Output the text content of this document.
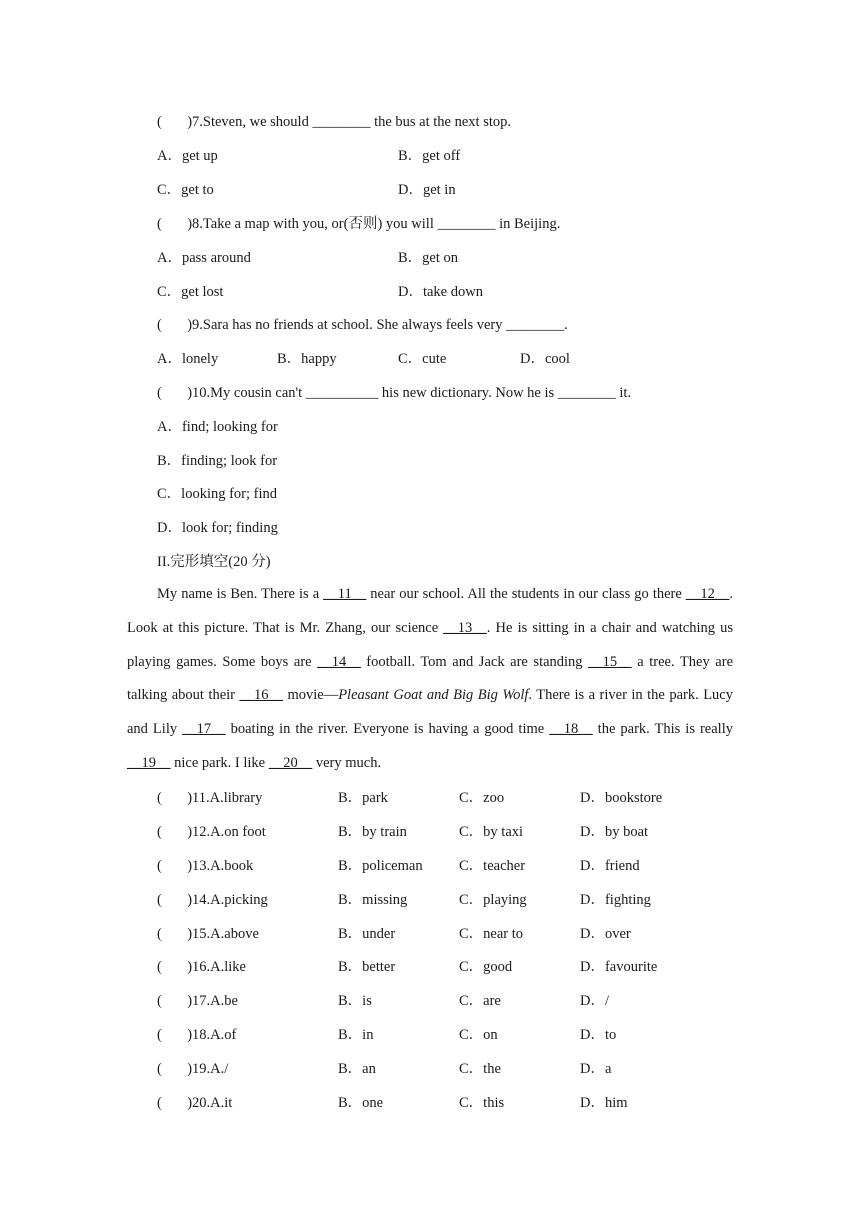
(       )7.Steven, we should ________ the bus at the next stop.
A．get up	B．get off
C．get to	D．get in
(       )8.Take a map with you, or(否则) you will ________ in Beijing.
A．pass around	B．get on
C．get lost	D．take down
(       )9.Sara has no friends at school. She always feels very ________.
A．lonely	B．happy	C．cute	D．cool
(       )10.My cousin can't __________ his new dictionary. Now he is ________ it.
A．find; looking for
B．finding; look for
C．looking for; find
D．look for; finding
II.完形填空(20 分)
My name is Ben. There is a __11__ near our school. All the students in our class go there __12__. Look at this picture. That is Mr. Zhang, our science __13__. He is sitting in a chair and watching us playing games. Some boys are __14__ football. Tom and Jack are standing __15__ a tree. They are talking about their __16__ movie—Pleasant Goat and Big Big Wolf. There is a river in the park. Lucy and Lily __17__ boating in the river. Everyone is having a good time __18__ the park. This is really __19__ nice park. I like __20__ very much.
(       )11.A.library	B．park	C．zoo	D．bookstore
(       )12.A.on foot	B．by train	C．by taxi	D．by boat
(       )13.A.book	B．policeman	C．teacher	D．friend
(       )14.A.picking	B．missing	C．playing	D．fighting
(       )15.A.above	B．under	C．near to	D．over
(       )16.A.like	B．better	C．good	D．favourite
(       )17.A.be	B．is	C．are	D．/
(       )18.A.of	B．in	C．on	D．to
(       )19.A./	B．an	C．the	D．a
(       )20.A.it	B．one	C．this	D．him
